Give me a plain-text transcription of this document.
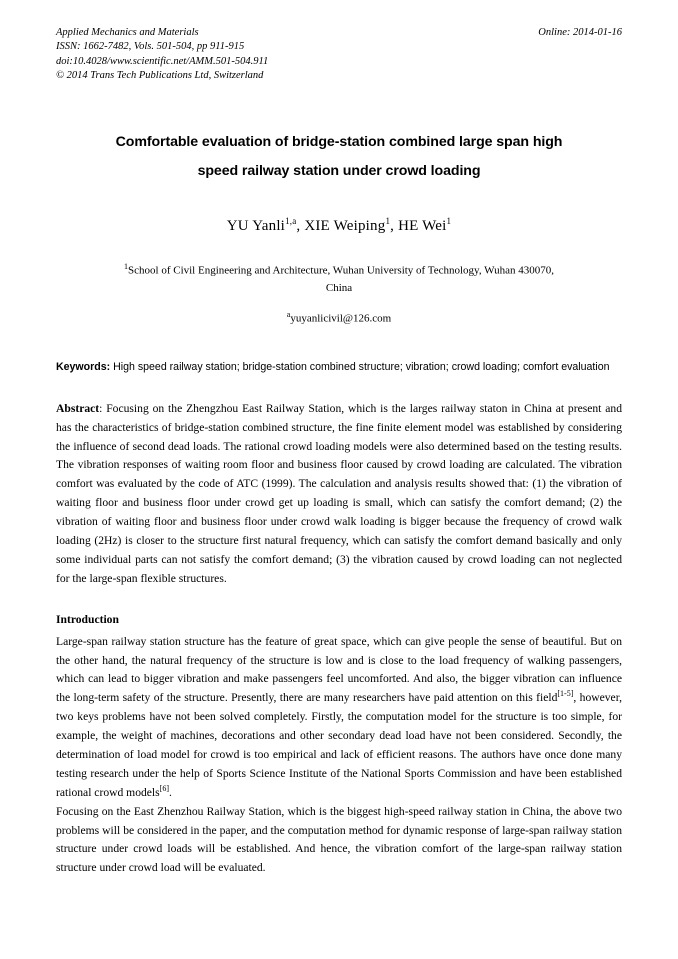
Applied Mechanics and Materials
ISSN: 1662-7482, Vols. 501-504, pp 911-915
doi:10.4028/www.scientific.net/AMM.501-504.911
© 2014 Trans Tech Publications Ltd, Switzerland
Online: 2014-01-16
Comfortable evaluation of bridge-station combined large span high
speed railway station under crowd loading
YU Yanli$^{1,a}$, XIE Weiping$^1$, HE Wei$^1$
$^1$School of Civil Engineering and Architecture, Wuhan University of Technology, Wuhan 430070,
China
$^a$yuyanlicivil@126.com
Keywords: High speed railway station; bridge-station combined structure; vibration; crowd loading; comfort evaluation
Abstract: Focusing on the Zhengzhou East Railway Station, which is the larges railway staton in China at present and has the characteristics of bridge-station combined structure, the fine finite element model was established by considering the influence of second dead loads. The rational crowd loading models were also determined based on the testing results. The vibration responses of waiting room floor and business floor caused by crowd loading are calculated. The vibration comfort was evaluated by the code of ATC (1999). The calculation and analysis results showed that: (1) the vibration of waiting floor and business floor under crowd get up loading is small, which can satisfy the comfort demand; (2) the vibration of waiting floor and business floor under crowd walk loading is bigger because the frequency of crowd walk loading (2Hz) is closer to the structure first natural frequency, which can satisfy the comfort demand basically and only some individual parts can not satisfy the comfort demand; (3) the vibration caused by crowd loading can not neglected for the large-span flexible structures.
Introduction

Large-span railway station structure has the feature of great space, which can give people the sense of beautiful. But on the other hand, the natural frequency of the structure is low and is close to the load frequency of walking passengers, which can lead to bigger vibration and make passengers feel uncomforted. And also, the bigger vibration can influence the long-term safety of the structure. Presently, there are many researchers have paid attention on this field[1-5], however, two keys problems have not been solved completely. Firstly, the computation model for the structure is too simple, for example, the weight of machines, decorations and other secondary dead load have not been considered. Secondly, the determination of load model for crowd is too empirical and lack of efficient reasons. The authors have once done many testing research under the help of Sports Science Institute of the National Sports Commission and have been established rational crowd models[6].

Focusing on the East Zhenzhou Railway Station, which is the biggest high-speed railway station in China, the above two problems will be considered in the paper, and the computation method for dynamic response of large-span railway station structure under crowd loads will be established. And hence, the vibration comfort of the large-span railway station structure under crowd load will be evaluated.
